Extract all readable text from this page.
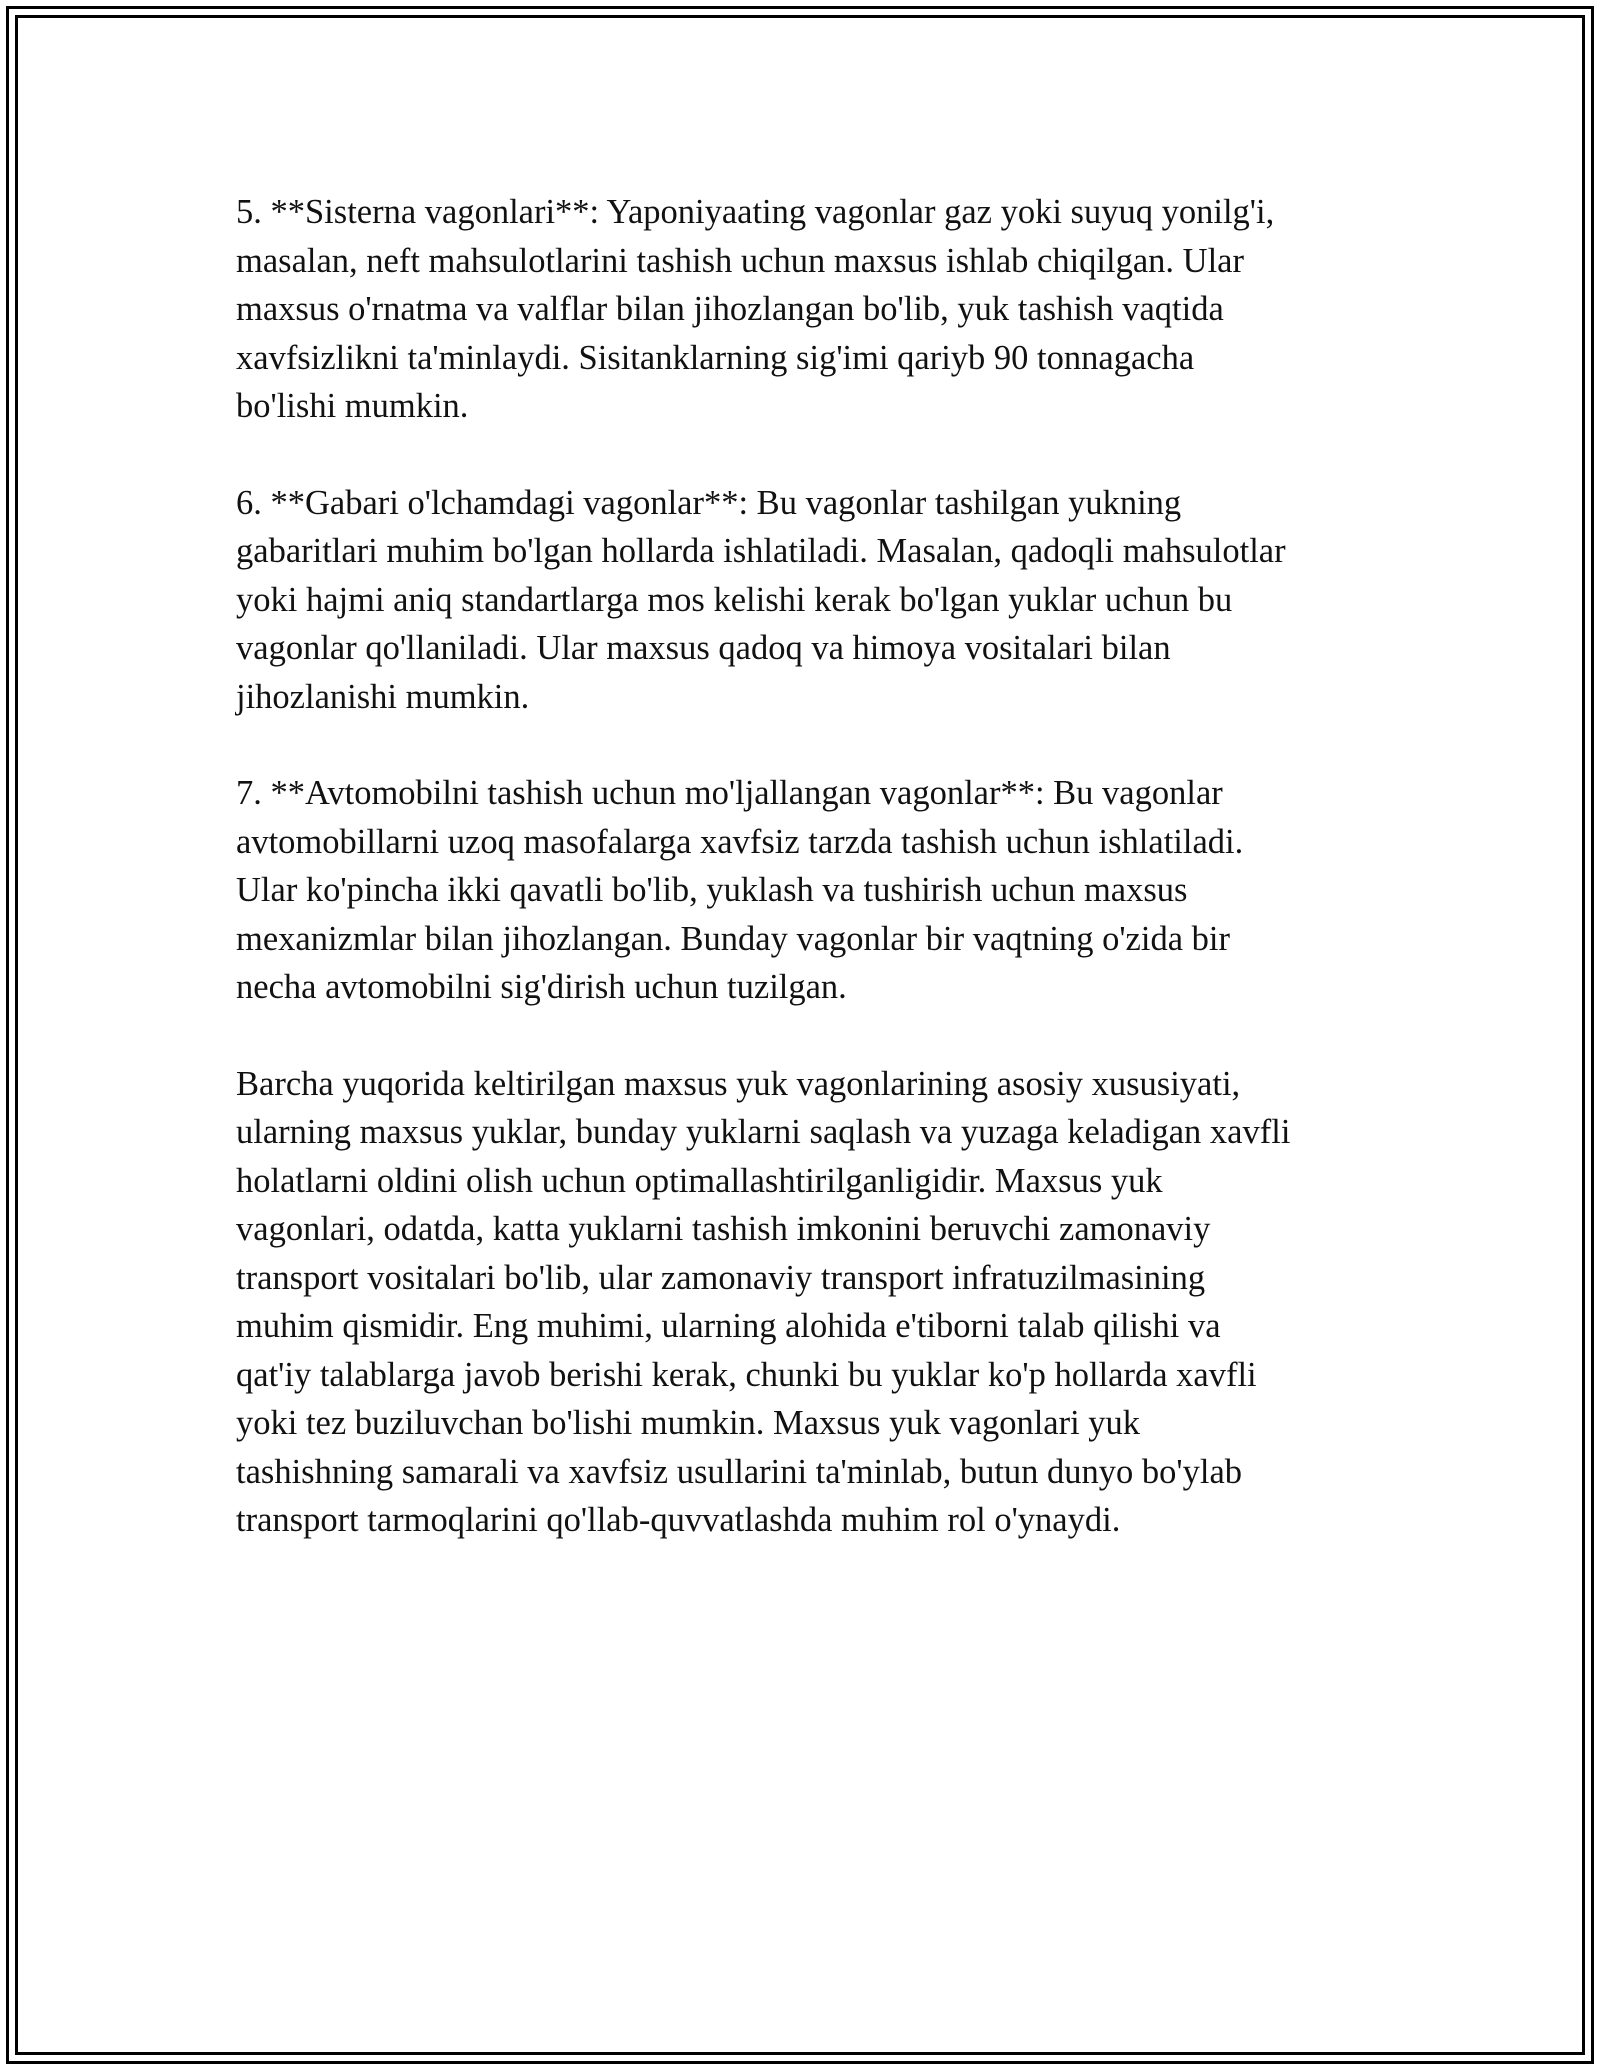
5. **Sisterna vagonlari**: Yaponiyaating vagonlar gaz yoki suyuq yonilg'i,
masalan, neft mahsulotlarini tashish uchun maxsus ishlab chiqilgan. Ular
maxsus o'rnatma va valflar bilan jihozlangan bo'lib, yuk tashish vaqtida
xavfsizlikni ta'minlaydi. Sisitanklarning sig'imi qariyb 90 tonnagacha
bo'lishi mumkin.

6. **Gabari o'lchamdagi vagonlar**: Bu vagonlar tashilgan yukning
gabaritlari muhim bo'lgan hollarda ishlatiladi. Masalan, qadoqli mahsulotlar
yoki hajmi aniq standartlarga mos kelishi kerak bo'lgan yuklar uchun bu
vagonlar qo'llaniladi. Ular maxsus qadoq va himoya vositalari bilan
jihozlanishi mumkin.

7. **Avtomobilni tashish uchun mo'ljallangan vagonlar**: Bu vagonlar
avtomobillarni uzoq masofalarga xavfsiz tarzda tashish uchun ishlatiladi.
Ular ko'pincha ikki qavatli bo'lib, yuklash va tushirish uchun maxsus
mexanizmlar bilan jihozlangan. Bunday vagonlar bir vaqtning o'zida bir
necha avtomobilni sig'dirish uchun tuzilgan.

Barcha yuqorida keltirilgan maxsus yuk vagonlarining asosiy xususiyati,
ularning maxsus yuklar, bunday yuklarni saqlash va yuzaga keladigan xavfli
holatlarni oldini olish uchun optimallashtirilganligidir. Maxsus yuk
vagonlari, odatda, katta yuklarni tashish imkonini beruvchi zamonaviy
transport vositalari bo'lib, ular zamonaviy transport infratuzilmasining
muhim qismidir. Eng muhimi, ularning alohida e'tiborni talab qilishi va
qat'iy talablarga javob berishi kerak, chunki bu yuklar ko'p hollarda xavfli
yoki tez buziluvchan bo'lishi mumkin. Maxsus yuk vagonlari yuk
tashishning samarali va xavfsiz usullarini ta'minlab, butun dunyo bo'ylab
transport tarmoqlarini qo'llab-quvvatlashda muhim rol o'ynaydi.
